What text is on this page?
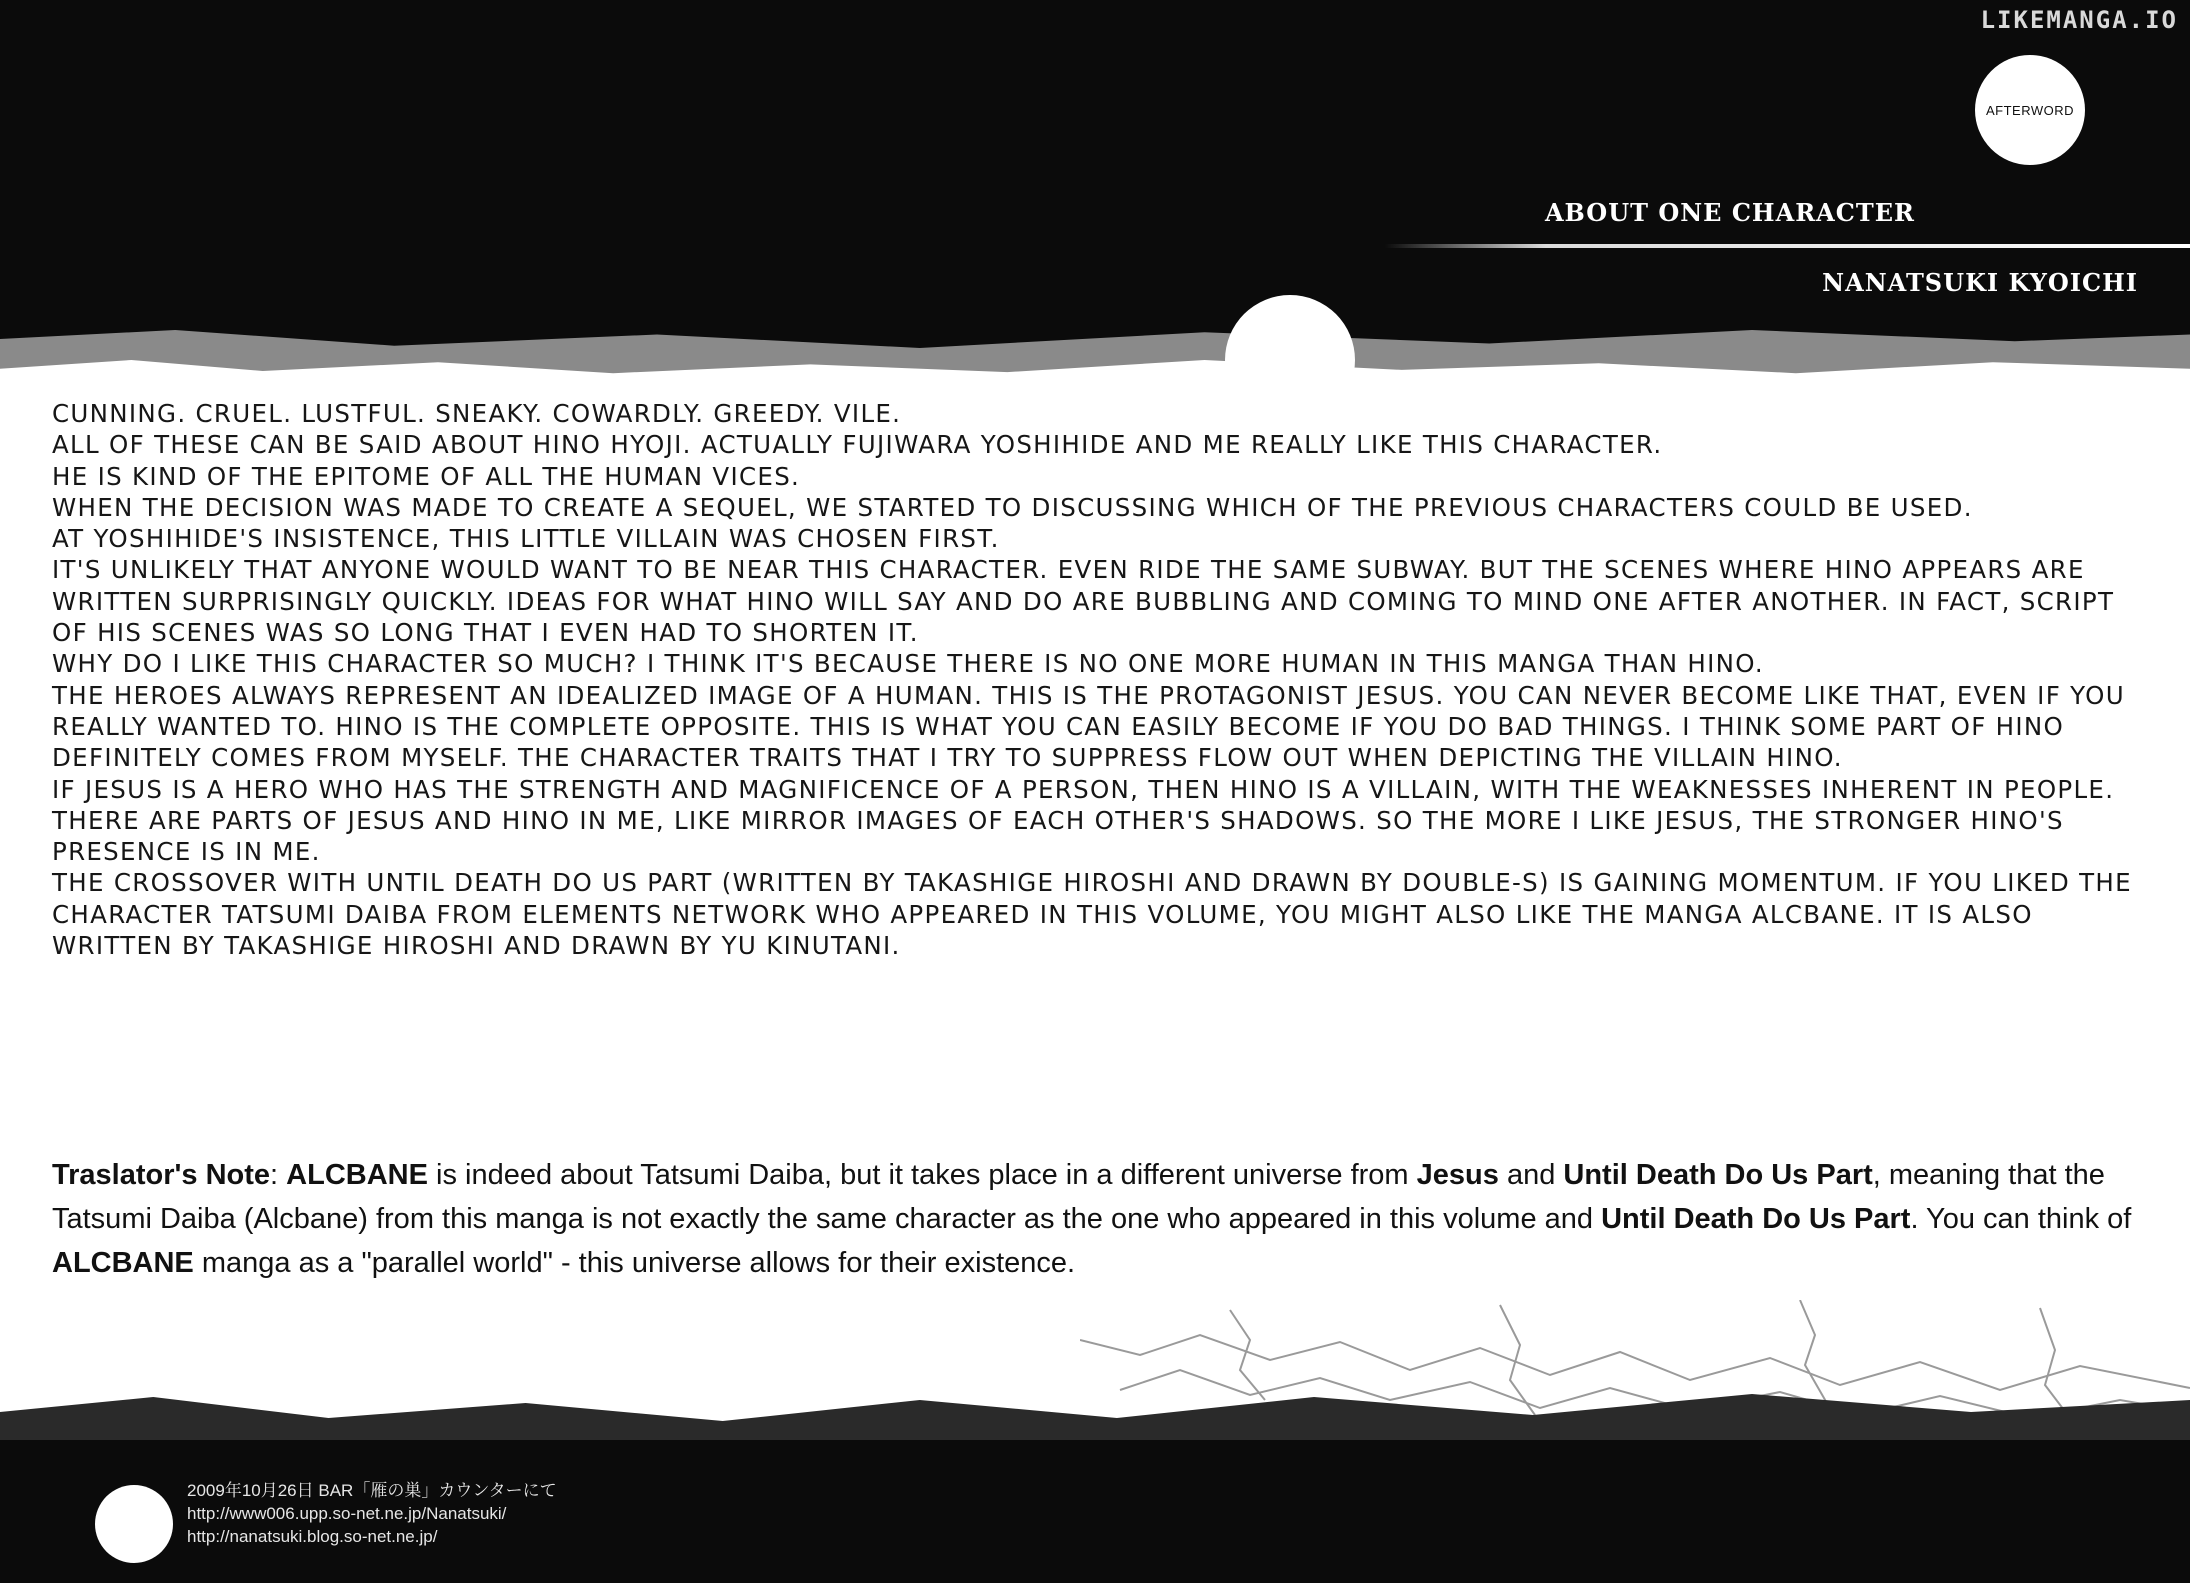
LIKEMANGA.IO
AFTERWORD
ABOUT ONE CHARACTER
NANATSUKI KYOICHI

CUNNING. CRUEL. LUSTFUL. SNEAKY. COWARDLY. GREEDY. VILE.

ALL OF THESE CAN BE SAID ABOUT HINO HYOJI. ACTUALLY FUJIWARA YOSHIHIDE AND ME REALLY LIKE THIS CHARACTER.

HE IS KIND OF THE EPITOME OF ALL THE HUMAN VICES.

WHEN THE DECISION WAS MADE TO CREATE A SEQUEL, WE STARTED TO DISCUSSING WHICH OF THE PREVIOUS CHARACTERS COULD BE USED.

AT YOSHIHIDE'S INSISTENCE, THIS LITTLE VILLAIN WAS CHOSEN FIRST.

IT'S UNLIKELY THAT ANYONE WOULD WANT TO BE NEAR THIS CHARACTER. EVEN RIDE THE SAME SUBWAY. BUT THE SCENES WHERE HINO APPEARS ARE WRITTEN SURPRISINGLY QUICKLY. IDEAS FOR WHAT HINO WILL SAY AND DO ARE BUBBLING AND COMING TO MIND ONE AFTER ANOTHER. IN FACT, SCRIPT OF HIS SCENES WAS SO LONG THAT I EVEN HAD TO SHORTEN IT.

WHY DO I LIKE THIS CHARACTER SO MUCH? I THINK IT'S BECAUSE THERE IS NO ONE MORE HUMAN IN THIS MANGA THAN HINO.

THE HEROES ALWAYS REPRESENT AN IDEALIZED IMAGE OF A HUMAN. THIS IS THE PROTAGONIST JESUS. YOU CAN NEVER BECOME LIKE THAT, EVEN IF YOU REALLY WANTED TO. HINO IS THE COMPLETE OPPOSITE. THIS IS WHAT YOU CAN EASILY BECOME IF YOU DO BAD THINGS. I THINK SOME PART OF HINO DEFINITELY COMES FROM MYSELF. THE CHARACTER TRAITS THAT I TRY TO SUPPRESS FLOW OUT WHEN DEPICTING THE VILLAIN HINO.

IF JESUS IS A HERO WHO HAS THE STRENGTH AND MAGNIFICENCE OF A PERSON, THEN HINO IS A VILLAIN, WITH THE WEAKNESSES INHERENT IN PEOPLE. THERE ARE PARTS OF JESUS AND HINO IN ME, LIKE MIRROR IMAGES OF EACH OTHER'S SHADOWS. SO THE MORE I LIKE JESUS, THE STRONGER HINO'S PRESENCE IS IN ME.

THE CROSSOVER WITH UNTIL DEATH DO US PART (WRITTEN BY TAKASHIGE HIROSHI AND DRAWN BY DOUBLE-S) IS GAINING MOMENTUM. IF YOU LIKED THE CHARACTER TATSUMI DAIBA FROM ELEMENTS NETWORK WHO APPEARED IN THIS VOLUME, YOU MIGHT ALSO LIKE THE MANGA ALCBANE. IT IS ALSO WRITTEN BY TAKASHIGE HIROSHI AND DRAWN BY YU KINUTANI.

Traslator's Note: ALCBANE is indeed about Tatsumi Daiba, but it takes place in a different universe from Jesus and Until Death Do Us Part, meaning that the Tatsumi Daiba (Alcbane) from this manga is not exactly the same character as the one who appeared in this volume and Until Death Do Us Part. You can think of ALCBANE manga as a "parallel world" - this universe allows for their existence.
2009年10月26日 BAR「雁の巣」カウンターにて
http://www006.upp.so-net.ne.jp/Nanatsuki/
http://nanatsuki.blog.so-net.ne.jp/
